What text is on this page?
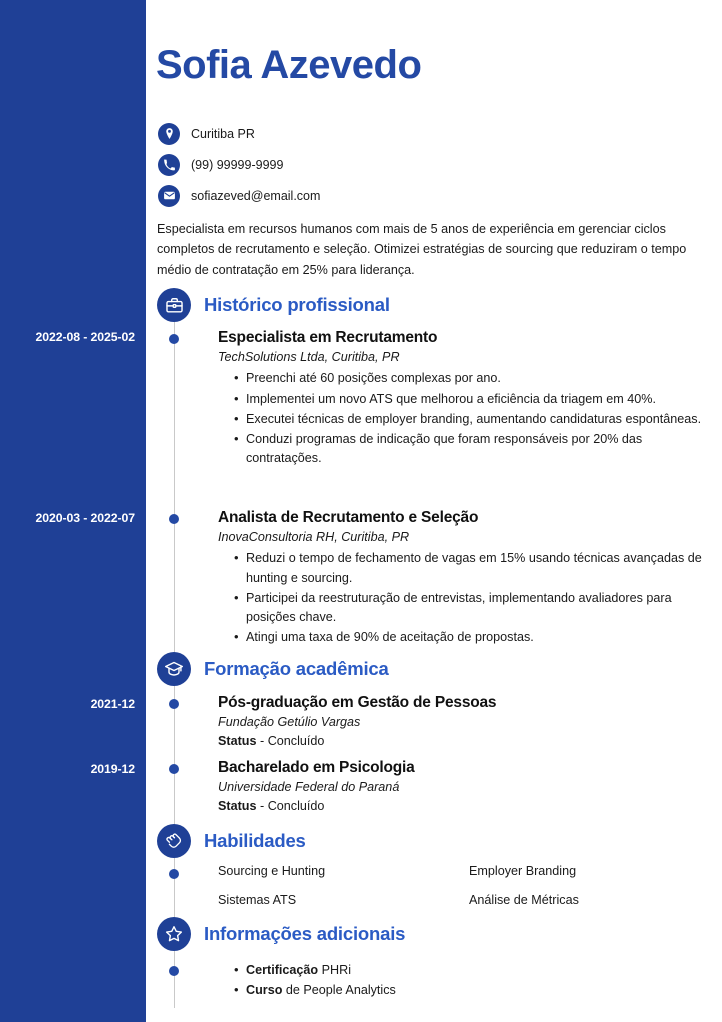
2022-08 - 2025-02
2020-03 - 2022-07
2021-12
2019-12
Sofia Azevedo
Curitiba PR
(99) 99999-9999
sofiazeved@email.com
Especialista em recursos humanos com mais de 5 anos de experiência em gerenciar ciclos completos de recrutamento e seleção. Otimizei estratégias de sourcing que reduziram o tempo médio de contratação em 25% para liderança.
Histórico profissional
Especialista em Recrutamento
TechSolutions Ltda, Curitiba, PR
• Preenchi até 60 posições complexas por ano.
• Implementei um novo ATS que melhorou a eficiência da triagem em 40%.
• Executei técnicas de employer branding, aumentando candidaturas espontâneas.
• Conduzi programas de indicação que foram responsáveis por 20% das contratações.
Analista de Recrutamento e Seleção
InovaConsultoria RH, Curitiba, PR
• Reduzi o tempo de fechamento de vagas em 15% usando técnicas avançadas de hunting e sourcing.
• Participei da reestruturação de entrevistas, implementando avaliadores para posições chave.
• Atingi uma taxa de 90% de aceitação de propostas.
Formação acadêmica
Pós-graduação em Gestão de Pessoas
Fundação Getúlio Vargas
Status - Concluído
Bacharelado em Psicologia
Universidade Federal do Paraná
Status - Concluído
Habilidades
Sourcing e Hunting	Employer Branding
Sistemas ATS	Análise de Métricas
Informações adicionais
• Certificação PHRi
• Curso de People Analytics
